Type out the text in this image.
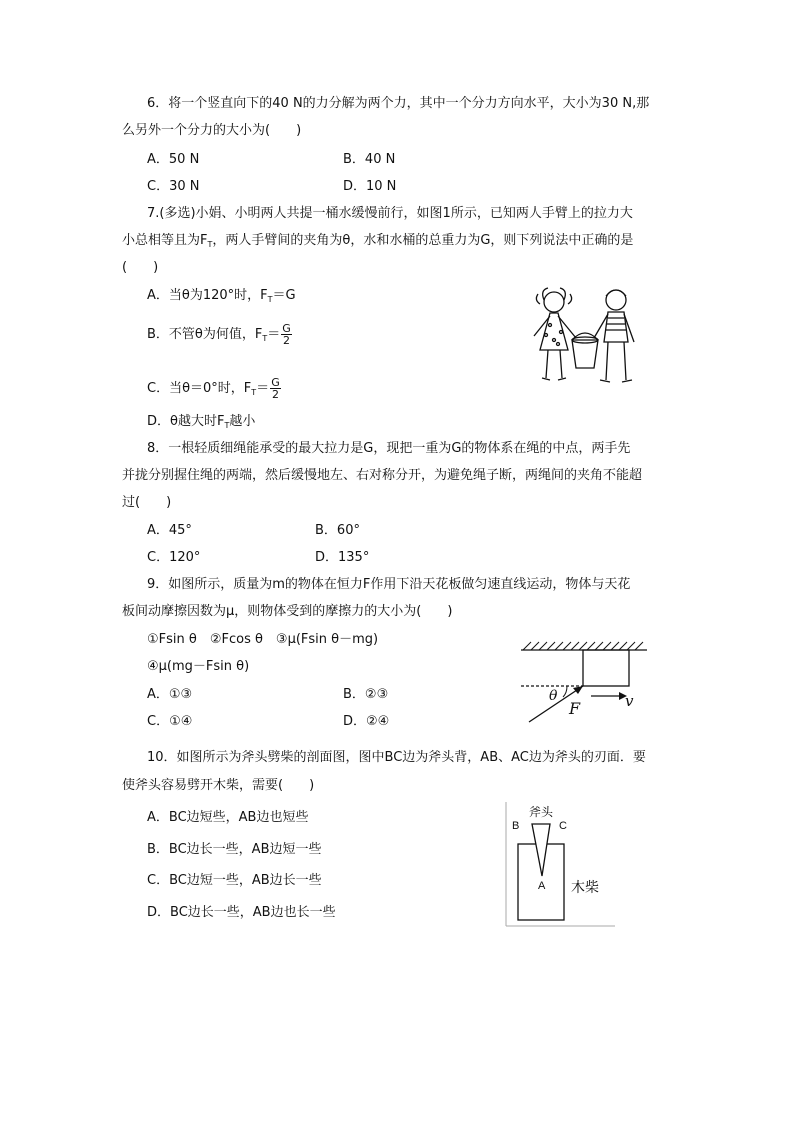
6．将一个竖直向下的40 N的力分解为两个力，其中一个分力方向水平，大小为30 N,那
么另外一个分力的大小为(　　)
A．50 N	B．40 N
C．30 N	D．10 N
7.(多选)小娟、小明两人共提一桶水缓慢前行，如图1所示，已知两人手臂上的拉力大
小总相等且为$F_T$，两人手臂间的夹角为θ，水和水桶的总重力为G，则下列说法中正确的是
(　　)
A．当θ为120°时，$F_T=G$
B．不管θ为何值，$F_T= \frac{G}{2}$
C．当θ＝0°时，$F_T= \frac{G}{2}$
D．θ越大时$F_T$越小
8．一根轻质细绳能承受的最大拉力是G，现把一重为G的物体系在绳的中点，两手先
并拢分别握住绳的两端，然后缓慢地左、右对称分开，为避免绳子断，两绳间的夹角不能超
过(　　)
A．45°	B．60°
C．120°	D．135°
9．如图所示，质量为m的物体在恒力F作用下沿天花板做匀速直线运动，物体与天花
板间动摩擦因数为μ，则物体受到的摩擦力的大小为(　　)
①Fsin θ　②Fcos θ　③μ(Fsin θ－mg)
④μ(mg－Fsin θ)
A．①③	B．②③
C．①④	D．②④
θ
F	v
10．如图所示为斧头劈柴的剖面图，图中BC边为斧头背，AB、AC边为斧头的刃面．要
使斧头容易劈开木柴，需要(　　)
A．BC边短些，AB边也短些
B．BC边长一些，AB边短一些
C．BC边短一些，AB边长一些
D．BC边长一些，AB边也长一些
斧头
B	C
A 木柴
